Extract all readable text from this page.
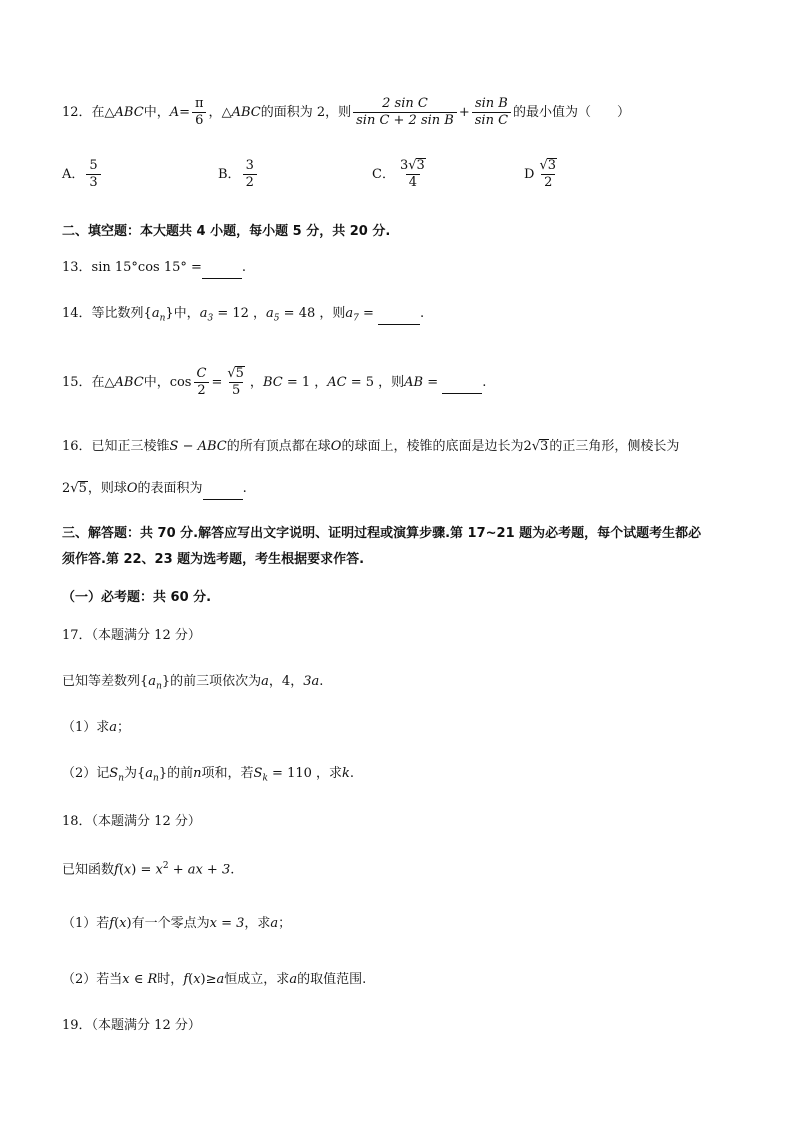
12．在△ABC中，$A= \frac{\pi}{6}$ ，△ABC的面积为 2，则 $\frac{\text{2 sin C}}{\text{sin C + 2 sin B}} + \frac{\text{sin B}}{\text{sin C}}$ 的最小值为（　　）
A． $\frac{5}{3}$	B． $\frac{3}{2}$	C． $\frac{3√3}{4}$	D $\frac{√3}{2}$
二、填空题：本大题共 4 小题，每小题 5 分，共 20 分.
13．sin 15°cos 15° =	.
14．等比数列$\{a_n\}$中，$a_3 = 12$ ，$a_5 = 48$ ，则$a_7$ =	.
15．在△ABC中，$\cos \frac{C}{2} = \frac{√5}{5}$ ，BC = 1 ，AC = 5 ，则AB =	.
16．已知正三棱锥S − ABC的所有顶点都在球O的球面上，棱锥的底面是边长为2√3的正三角形，侧棱长为
2√5，则球O的表面积为	.
三、解答题：共 70 分.解答应写出文字说明、证明过程或演算步骤.第 17~21 题为必考题，每个试题考生都必
须作答.第 22、23 题为选考题，考生根据要求作答.
（一）必考题：共 60 分.
17．（本题满分 12 分）
已知等差数列$\{a_n\}$的前三项依次为a，4，3a.
（1）求a；
（2）记$S_n$为$\{a_n\}$的前n项和，若$S_k = 110$ ，求k.
18．（本题满分 12 分）
已知函数$f(x) = x^2$ + ax + 3.
（1）若f(x)有一个零点为x = 3，求a；
（2）若当x ∈ R时，f(x)≥a恒成立，求a的取值范围.
19．（本题满分 12 分）
